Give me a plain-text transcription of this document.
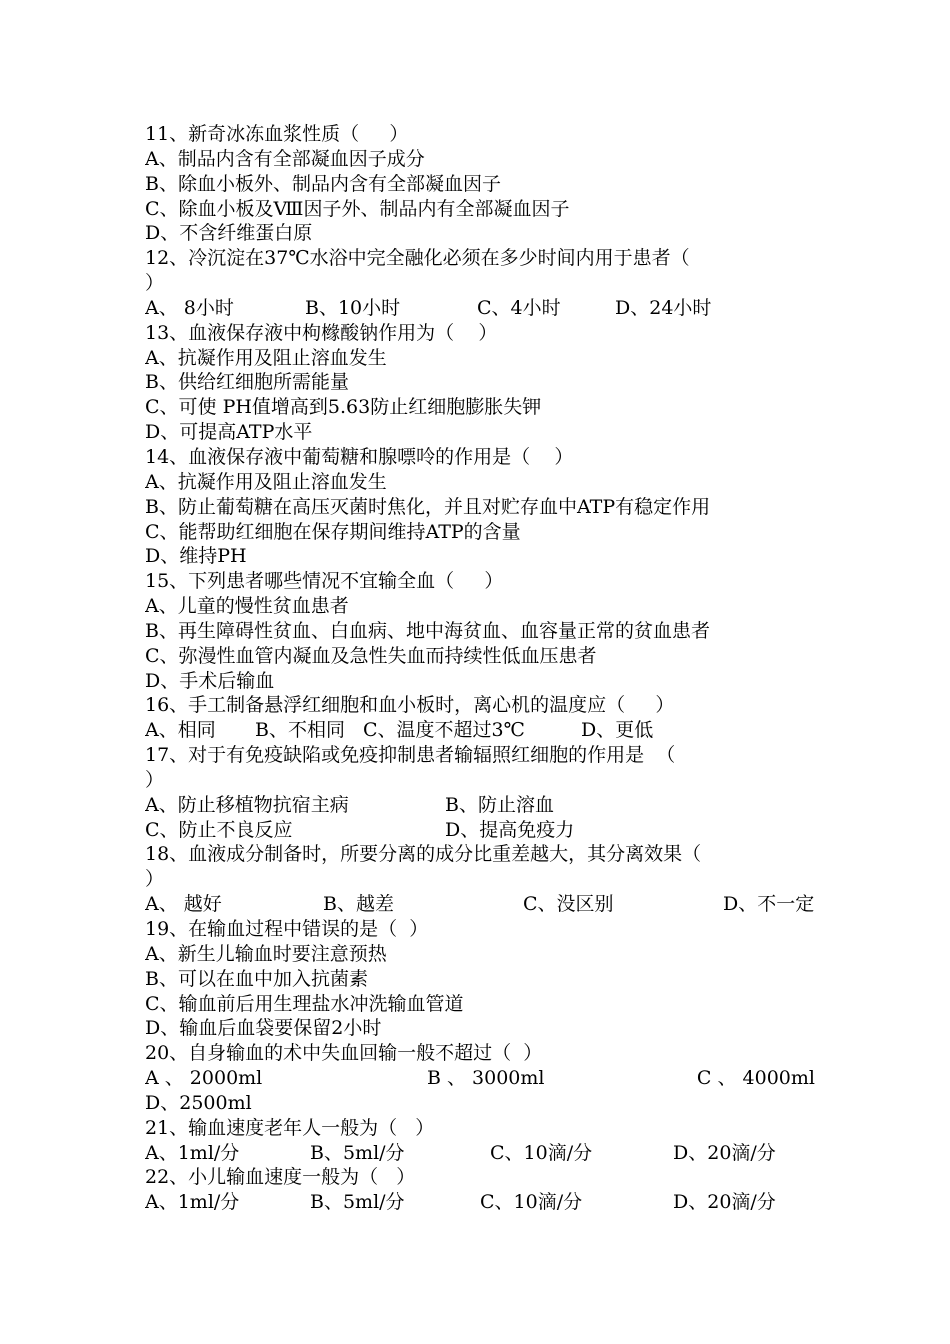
11、新奇冰冻血浆性质（     ）
A、制品内含有全部凝血因子成分
B、除血小板外、制品内含有全部凝血因子
C、除血小板及Ⅷ因子外、制品内有全部凝血因子
D、不含纤维蛋白原
12、冷沉淀在37℃水浴中完全融化必须在多少时间内用于患者（
）
A、 8小时	B、10小时	C、4小时	D、24小时
13、血液保存液中枸橼酸钠作用为（    ）
A、抗凝作用及阻止溶血发生
B、供给红细胞所需能量
C、可使 PH值增高到5.63防止红细胞膨胀失钾
D、可提高ATP水平
14、血液保存液中葡萄糖和腺嘌呤的作用是（    ）
A、抗凝作用及阻止溶血发生
B、防止葡萄糖在高压灭菌时焦化，并且对贮存血中ATP有稳定作用
C、能帮助红细胞在保存期间维持ATP的含量
D、维持PH
15、下列患者哪些情况不宜输全血（     ）
A、儿童的慢性贫血患者
B、再生障碍性贫血、白血病、地中海贫血、血容量正常的贫血患者
C、弥漫性血管内凝血及急性失血而持续性低血压患者
D、手术后输血
16、手工制备悬浮红细胞和血小板时，离心机的温度应（     ）
A、相同	B、不相同 C、温度不超过3℃	D、更低
17、对于有免疫缺陷或免疫抑制患者输辐照红细胞的作用是  （
）
A、防止移植物抗宿主病	B、防止溶血
C、防止不良反应	D、提高免疫力
18、血液成分制备时，所要分离的成分比重差越大，其分离效果（
）
A、 越好	B、越差	C、没区别	D、不一定
19、在输血过程中错误的是（  ）
A、新生儿输血时要注意预热
B、可以在血中加入抗菌素
C、输血前后用生理盐水冲洗输血管道
D、输血后血袋要保留2小时
20、自身输血的术中失血回输一般不超过（  ）
A 、 2000ml	B 、 3000ml	C 、 4000ml
D、2500ml
21、输血速度老年人一般为（   ）
A、1ml/分	B、5ml/分	C、10滴/分	D、20滴/分
22、小儿输血速度一般为（   ）
A、1ml/分	B、5ml/分	C、10滴/分	D、20滴/分
